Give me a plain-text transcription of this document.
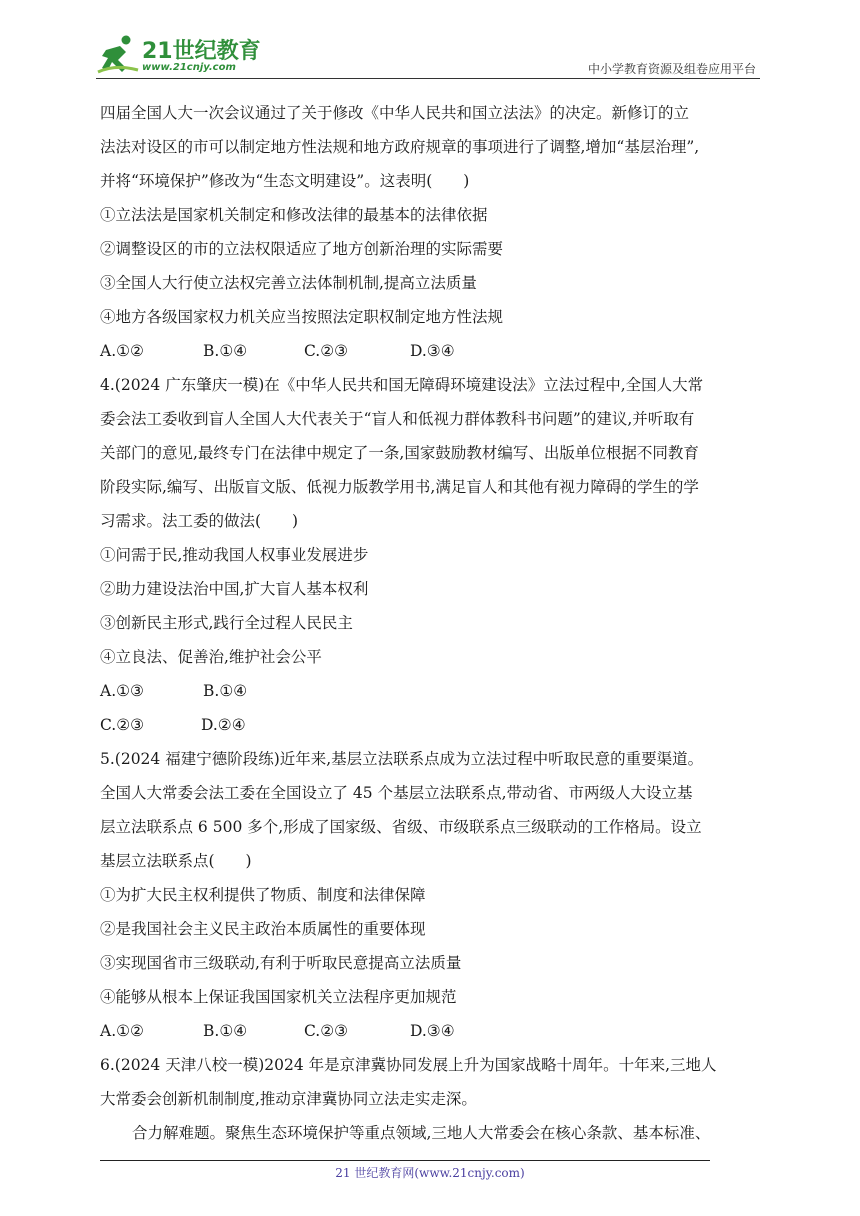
21世纪教育
www.21cnjy.com	中小学教育资源及组卷应用平台

四届全国人大一次会议通过了关于修改《中华人民共和国立法法》的决定。新修订的立

法法对设区的市可以制定地方性法规和地方政府规章的事项进行了调整,增加“基层治理”,

并将“环境保护”修改为“生态文明建设”。这表明(　　)

①立法法是国家机关制定和修改法律的最基本的法律依据

②调整设区的市的立法权限适应了地方创新治理的实际需要

③全国人大行使立法权完善立法体制机制,提高立法质量

④地方各级国家权力机关应当按照法定职权制定地方性法规

A.①②	B.①④	C.②③	D.③④

4.(2024 广东肇庆一模)在《中华人民共和国无障碍环境建设法》立法过程中,全国人大常

委会法工委收到盲人全国人大代表关于“盲人和低视力群体教科书问题”的建议,并听取有

关部门的意见,最终专门在法律中规定了一条,国家鼓励教材编写、出版单位根据不同教育

阶段实际,编写、出版盲文版、低视力版教学用书,满足盲人和其他有视力障碍的学生的学

习需求。法工委的做法(　　)

①问需于民,推动我国人权事业发展进步

②助力建设法治中国,扩大盲人基本权利

③创新民主形式,践行全过程人民民主

④立良法、促善治,维护社会公平

A.①③	B.①④

C.②③	D.②④

5.(2024 福建宁德阶段练)近年来,基层立法联系点成为立法过程中听取民意的重要渠道。

全国人大常委会法工委在全国设立了 45 个基层立法联系点,带动省、市两级人大设立基

层立法联系点 6 500 多个,形成了国家级、省级、市级联系点三级联动的工作格局。设立

基层立法联系点(　　)

①为扩大民主权利提供了物质、制度和法律保障

②是我国社会主义民主政治本质属性的重要体现

③实现国省市三级联动,有利于听取民意提高立法质量

④能够从根本上保证我国国家机关立法程序更加规范

A.①②	B.①④	C.②③	D.③④

6.(2024 天津八校一模)2024 年是京津冀协同发展上升为国家战略十周年。十年来,三地人

大常委会创新机制制度,推动京津冀协同立法走实走深。

合力解难题。聚焦生态环境保护等重点领域,三地人大常委会在核心条款、基本标准、

21 世纪教育网(www.21cnjy.com)
